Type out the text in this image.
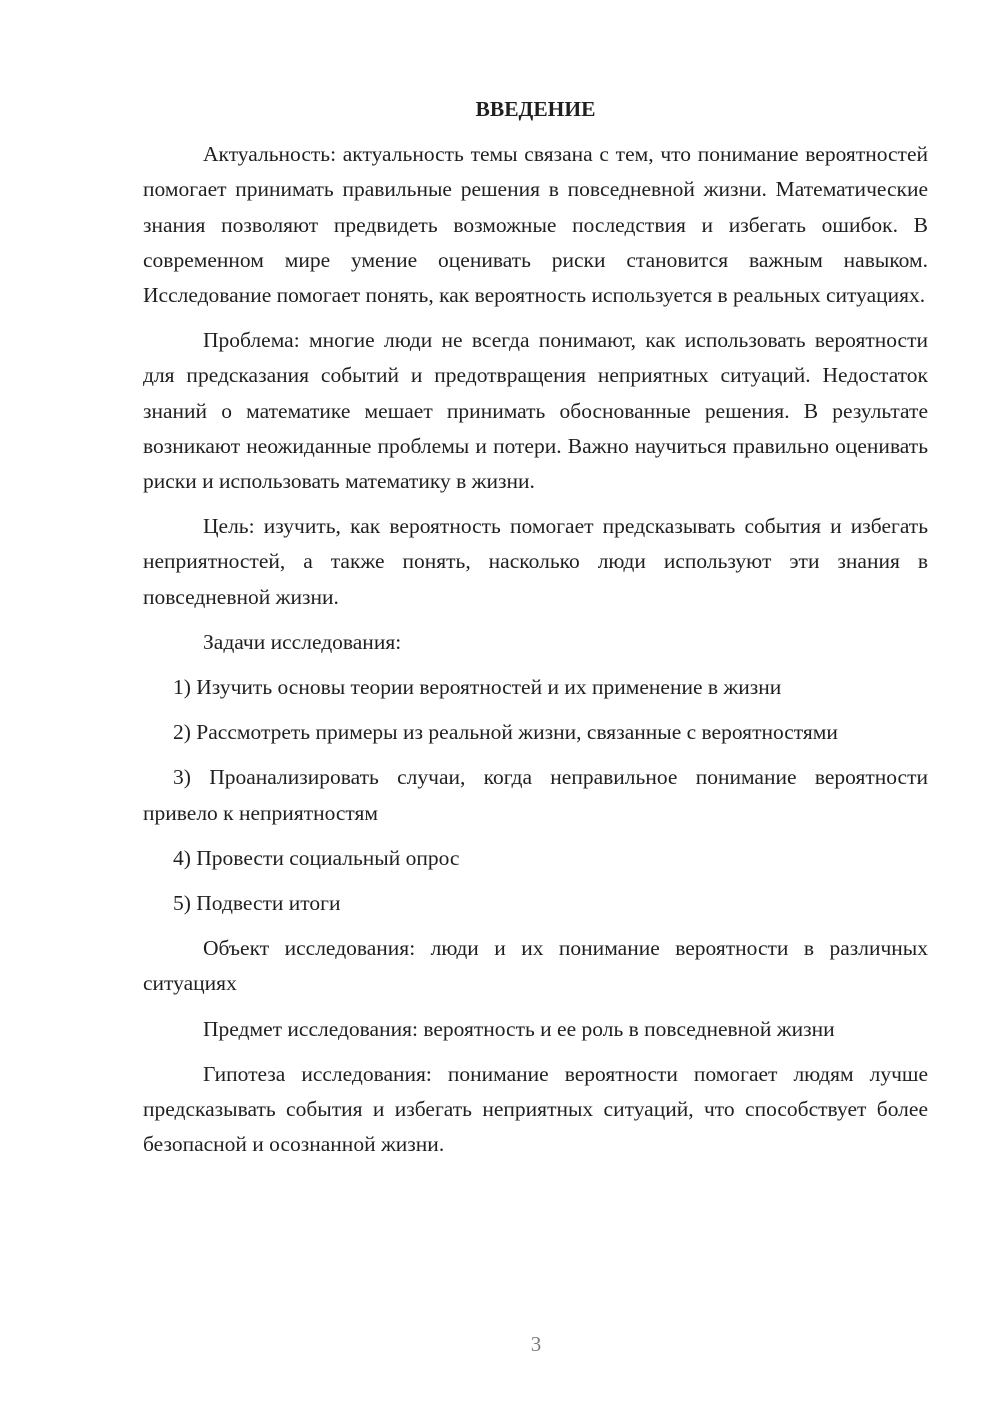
ВВЕДЕНИЕ

Актуальность: актуальность темы связана с тем, что понимание вероятностей помогает принимать правильные решения в повседневной жизни. Математические знания позволяют предвидеть возможные последствия и избегать ошибок. В современном мире умение оценивать риски становится важным навыком. Исследование помогает понять, как вероятность используется в реальных ситуациях.

Проблема: многие люди не всегда понимают, как использовать вероятности для предсказания событий и предотвращения неприятных ситуаций. Недостаток знаний о математике мешает принимать обоснованные решения. В результате возникают неожиданные проблемы и потери. Важно научиться правильно оценивать риски и использовать математику в жизни.

Цель: изучить, как вероятность помогает предсказывать события и избегать неприятностей, а также понять, насколько люди используют эти знания в повседневной жизни.

Задачи исследования:

1) Изучить основы теории вероятностей и их применение в жизни

2) Рассмотреть примеры из реальной жизни, связанные с вероятностями

3) Проанализировать случаи, когда неправильное понимание вероятности привело к неприятностям

4) Провести социальный опрос

5) Подвести итоги

Объект исследования: люди и их понимание вероятности в различных ситуациях

Предмет исследования: вероятность и ее роль в повседневной жизни

Гипотеза исследования: понимание вероятности помогает людям лучше предсказывать события и избегать неприятных ситуаций, что способствует более безопасной и осознанной жизни.

3
